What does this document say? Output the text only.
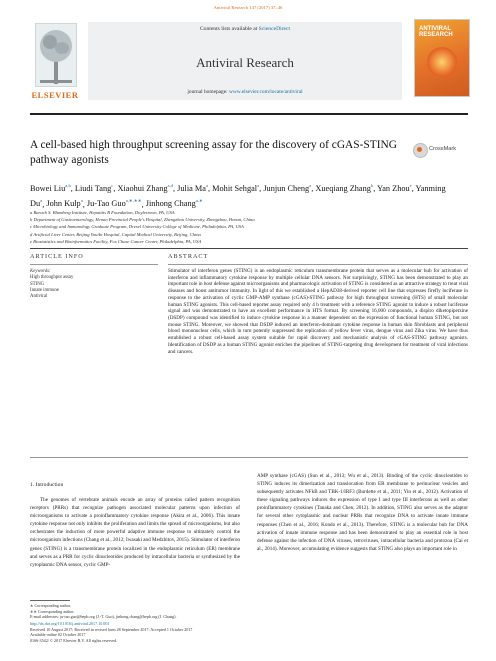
Antiviral Research 147 (2017) 37–46
ELSEVIER
Contents lists available at ScienceDirect
Antiviral Research
journal homepage: www.elsevier.com/locate/antiviral
ANTIVIRAL RESEARCH
A cell-based high throughput screening assay for the discovery of cGAS-STING pathway agonists
CrossMark
Bowei Liu$^{a,b}$, Liudi Tang$^c$, Xiaohui Zhang$^{a,d}$, Julia Ma$^a$, Mohit Sehgal$^a$, Junjun Cheng$^a$, Xueqiang Zhang$^b$, Yan Zhou$^e$, Yanming Du$^a$, John Kulp$^a$, Ju-Tao Guo$^{a,∗,∗∗}$, Jinhong Chang$^{a,∗}$
a Baruch S. Blumberg Institute, Hepatitis B Foundation, Doylestown, PA, USA
b Department of Gastroenterology, Henan Provincial People's Hospital, Zhengzhou University, Zhengzhou, Henan, China
c Microbiology and Immunology Graduate Program, Drexel University College of Medicine, Philadelphia, PA, USA
d Artificial Liver Center, Beijing YouAn Hospital, Capital Medical University, Beijing, China
e Biostatistics and Bioinformatics Facility, Fox Chase Cancer Center, Philadelphia, PA, USA
ARTICLE INFO	ABSTRACT
Keywords:
High throughput assay
STING
Innate immune
Antiviral
Stimulator of interferon genes (STING) is an endoplasmic reticulum transmembrane protein that serves as a molecular hub for activation of interferon and inflammatory cytokine response by multiple cellular DNA sensors. Not surprisingly, STING has been demonstrated to play an important role in host defense against microorganisms and pharmacologic activation of STING is considered as an attractive strategy to treat viral diseases and boost antitumor immunity. In light of this we established a HepAD38-derived reporter cell line that expresses firefly luciferase in response to the activation of cyclic GMP-AMP synthase (cGAS)-STING pathway for high throughput screening (HTS) of small molecular human STING agonists. This cell-based reporter assay required only 4 h treatment with a reference STING agonist to induce a robust luciferase signal and was demonstrated to have an excellent performance in HTS format. By screening 16,000 compounds, a dispiro diketopiperzine (DSDP) compound was identified to induce cytokine response in a manner dependent on the expression of functional human STING, but not mouse STING. Moreover, we showed that DSDP induced an interferon-dominant cytokine response in human skin fibroblasts and peripheral blood mononuclear cells, which in turn potently suppressed the replication of yellow fever virus, dengue virus and Zika virus. We have thus established a robust cell-based assay system suitable for rapid discovery and mechanistic analysis of cGAS-STING pathway agonists. Identification of DSDP as a human STING agonist enriches the pipelines of STING-targeting drug development for treatment of viral infections and cancers.
1. Introduction

The genomes of vertebrate animals encode an array of proteins called pattern recognition receptors (PRRs) that recognize pathogen associated molecular patterns upon infection of microorganisms to activate a proinflammatory cytokine response (Akira et al., 2006). This innate cytokine response not only inhibits the proliferation and limits the spread of microorganisms, but also orchestrates the induction of more powerful adaptive immune response to ultimately control the microorganism infections (Chang et al., 2012; Iwasaki and Medzhitov, 2015). Stimulator of interferon genes (STING) is a transmembrane protein localized in the endoplasmic reticulum (ER) membrane and serves as a PRR for cyclic dinucleotides produced by intracellular bacteria or synthesized by the cytoplasmic DNA sensor, cyclic GMP-

AMP synthase (cGAS) (Sun et al., 2013; Wu et al., 2013). Binding of the cyclic dinucleotides to STING induces its dimerization and translocation from ER membrane to perinuclear vesicles and subsequently activates NFkB and TBK-1/IRF3 (Burdette et al., 2011; Yin et al., 2012). Activation of these signaling pathways induces the expression of type I and type III interferons as well as other proinflammatory cytokines (Tanaka and Chen, 2012). In addition, STING also serves as the adaptor for several other cytoplasmic and nuclear PRRs that recognize DNA to activate innate immune responses (Chen et al., 2016; Kondo et al., 2013). Therefore, STING is a molecular hub for DNA activation of innate immune response and has been demonstrated to play an essential role in host defense against the infection of DNA viruses, retroviruses, intracellular bacteria and protozoa (Cai et al., 2014). Moreover, accumulating evidence suggests that STING also plays an important role in

∗ Corresponding author.
∗∗ Corresponding author.
E-mail addresses: ju-tao.guo@hepb.org (J.-T. Guo), jinhong.chang@hepb.org (J. Chang).
http://dx.doi.org/10.1016/j.antiviral.2017.10.001
Received 10 August 2017; Received in revised form 28 September 2017; Accepted 1 October 2017
Available online 02 October 2017
0166-3542/ © 2017 Elsevier B.V. All rights reserved.
